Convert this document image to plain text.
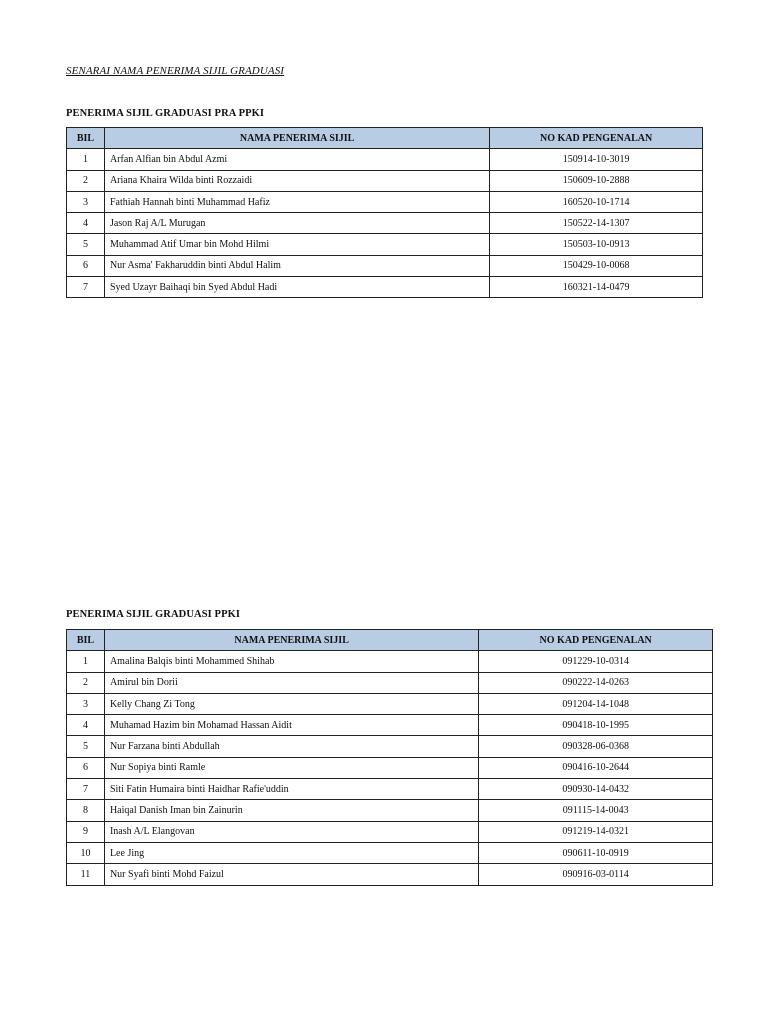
SENARAI NAMA PENERIMA SIJIL GRADUASI
PENERIMA SIJIL GRADUASI PRA PPKI
BIL	NAMA PENERIMA SIJIL	NO KAD PENGENALAN
1	Arfan Alfian bin Abdul Azmi	150914-10-3019
2	Ariana Khaira Wilda binti Rozzaidi	150609-10-2888
3	Fathiah Hannah binti Muhammad Hafiz	160520-10-1714
4	Jason Raj A/L Murugan	150522-14-1307
5	Muhammad Atif Umar bin Mohd Hilmi	150503-10-0913
6	Nur Asma' Fakharuddin binti Abdul Halim	150429-10-0068
7	Syed Uzayr Baihaqi bin Syed Abdul Hadi	160321-14-0479
PENERIMA SIJIL GRADUASI PPKI
BIL	NAMA PENERIMA SIJIL	NO KAD PENGENALAN
1	Amalina Balqis binti Mohammed Shihab	091229-10-0314
2	Amirul bin Dorii	090222-14-0263
3	Kelly Chang Zi Tong	091204-14-1048
4	Muhamad Hazim bin Mohamad Hassan Aidit	090418-10-1995
5	Nur Farzana binti Abdullah	090328-06-0368
6	Nur Sopiya binti Ramle	090416-10-2644
7	Siti Fatin Humaira binti Haidhar Rafie'uddin	090930-14-0432
8	Haiqal Danish Iman bin Zainurin	091115-14-0043
9	Inash A/L Elangovan	091219-14-0321
10	Lee Jing	090611-10-0919
11	Nur Syafi binti Mohd Faizul	090916-03-0114
